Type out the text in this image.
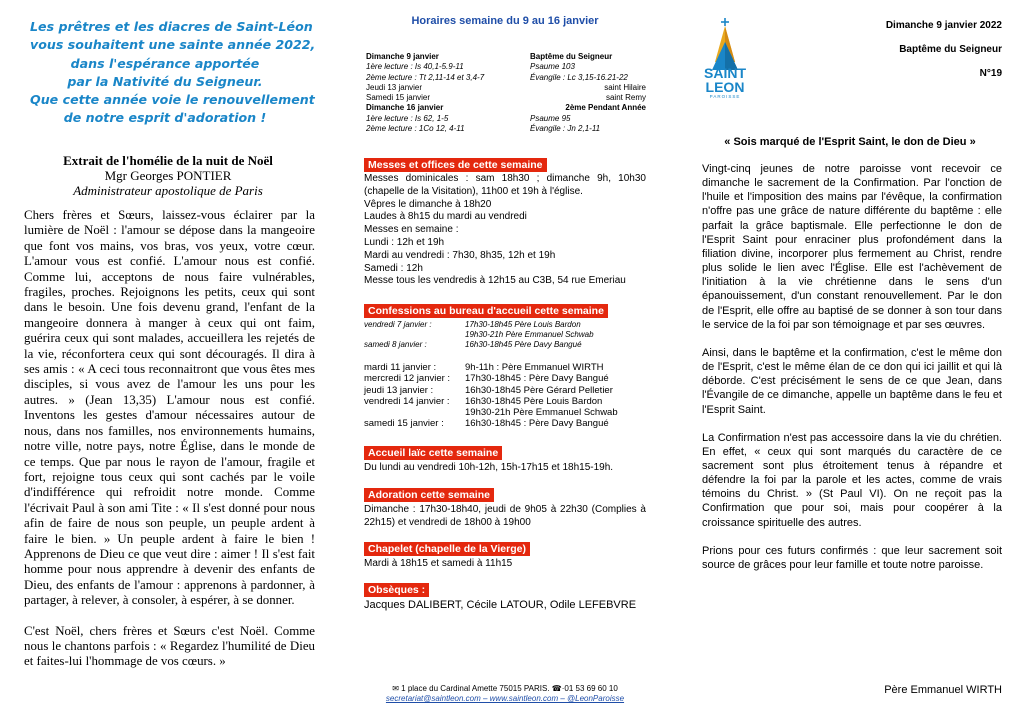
Les prêtres et les diacres de Saint-Léon
vous souhaitent une sainte année 2022,
dans l'espérance apportée
par la Nativité du Seigneur.
Que cette année voie le renouvellement
de notre esprit d'adoration !
Extrait de l'homélie de la nuit de Noël
Mgr Georges PONTIER
Administrateur apostolique de Paris

Chers frères et Sœurs, laissez-vous éclairer par la lumière de Noël : l'amour se dépose dans la mangeoire que font vos mains, vos bras, vos yeux, votre cœur. L'amour vous est confié. L'amour nous est confié. Comme lui, acceptons de nous faire vulnérables, fragiles, proches. Rejoignons les petits, ceux qui sont dans le besoin. Une fois devenu grand, l'enfant de la mangeoire donnera à manger à ceux qui ont faim, guérira ceux qui sont malades, accueillera les rejetés de la vie, réconfortera ceux qui sont découragés. Il dira à ses amis : « A ceci tous reconnaitront que vous êtes mes disciples, si vous avez de l'amour les uns pour les autres. » (Jean 13,35) L'amour nous est confié. Inventons les gestes d'amour nécessaires autour de nous, dans nos familles, nos environnements humains, notre ville, notre pays, notre Église, dans le monde de ce temps. Que par nous le rayon de l'amour, fragile et fort, rejoigne tous ceux qui sont cachés par le voile d'indifférence qui refroidit notre monde. Comme l'écrivait Paul à son ami Tite : « Il s'est donné pour nous afin de faire de nous son peuple, un peuple ardent à faire le bien. » Un peuple ardent à faire le bien ! Apprenons de Dieu ce que veut dire : aimer ! Il s'est fait homme pour nous apprendre à devenir des enfants de Dieu, des enfants de l'amour : apprenons à pardonner, à partager, à relever, à consoler, à espérer, à se donner.

C'est Noël, chers frères et Sœurs c'est Noël. Comme nous le chantons parfois : « Regardez l'humilité de Dieu et faites-lui l'hommage de vos cœurs. »

Horaires semaine du 9 au 16 janvier
Dimanche 9 janvier	Baptême du Seigneur
1ère lecture : Is 40,1-5.9-11	Psaume 103
2ème lecture : Tt 2,11-14 et 3,4-7	Évangile : Lc 3,15-16.21-22
Jeudi 13 janvier	saint Hilaire
Samedi 15 janvier	saint Remy
Dimanche 16 janvier	2ème Pendant Année
1ère lecture : Is 62, 1-5	Psaume 95
2ème lecture : 1Co 12, 4-11	Évangile : Jn 2,1-11
Messes et offices de cette semaine
Messes dominicales : sam 18h30 ; dimanche 9h, 10h30 (chapelle de la Visitation), 11h00 et 19h à l'église.
Vêpres le dimanche à 18h20
Laudes à 8h15 du mardi au vendredi
Messes en semaine :
Lundi : 12h et 19h
Mardi au vendredi : 7h30, 8h35, 12h et 19h
Samedi : 12h
Messe tous les vendredis à 12h15 au C3B, 54 rue Emeriau
Confessions au bureau d'accueil cette semaine
vendredi 7 janvier :	17h30-18h45 Père Louis Bardon
19h30-21h Père Emmanuel Schwab
samedi 8 janvier :	16h30-18h45 Père Davy Bangué
mardi 11 janvier :	9h-11h : Père Emmanuel WIRTH
mercredi 12 janvier :	17h30-18h45 : Père Davy Bangué
jeudi 13 janvier :	16h30-18h45 Père Gérard Pelletier
vendredi 14 janvier :	16h30-18h45 Père Louis Bardon
19h30-21h Père Emmanuel Schwab
samedi 15 janvier :	16h30-18h45 : Père Davy Bangué
Accueil laïc cette semaine
Du lundi au vendredi 10h-12h, 15h-17h15 et 18h15-19h.
Adoration cette semaine
Dimanche : 17h30-18h40, jeudi de 9h05 à 22h30 (Complies à 22h15) et vendredi de 18h00 à 19h00
Chapelet (chapelle de la Vierge)
Mardi à 18h15 et samedi à 11h15
Obsèques :
Jacques DALIBERT, Cécile LATOUR, Odile LEFEBVRE
✉ 1 place du Cardinal Amette 75015 PARIS. ☎·01 53 69 60 10
secretariat@saintleon.com – www.saintleon.com – @LeonParoisse
SAINT
LEON
PAROISSE
Dimanche 9 janvier 2022
Baptême du Seigneur
N°19
« Sois marqué de l'Esprit Saint, le don de Dieu »

Vingt-cinq jeunes de notre paroisse vont recevoir ce dimanche le sacrement de la Confirmation. Par l'onction de l'huile et l'imposition des mains par l'évêque, la confirmation n'offre pas une grâce de nature différente du baptême : elle parfait la grâce baptismale. Elle perfectionne le don de l'Esprit Saint pour enraciner plus profondément dans la filiation divine, incorporer plus fermement au Christ, rendre plus solide le lien avec l'Église. Elle est l'achèvement de l'initiation à la vie chrétienne dans le sens d'un épanouissement, d'un constant renouvellement. Par le don de l'Esprit, elle offre au baptisé de se donner à son tour dans le service de la foi par son témoignage et par ses œuvres.

Ainsi, dans le baptême et la confirmation, c'est le même don de l'Esprit, c'est le même élan de ce don qui ici jaillit et qui là déborde. C'est précisément le sens de ce que Jean, dans l'Évangile de ce dimanche, appelle un baptême dans le feu et l'Esprit Saint.

La Confirmation n'est pas accessoire dans la vie du chrétien. En effet, « ceux qui sont marqués du caractère de ce sacrement sont plus étroitement tenus à répandre et défendre la foi par la parole et les actes, comme de vrais témoins du Christ. » (St Paul VI). On ne reçoit pas la Confirmation que pour soi, mais pour coopérer à la croissance spirituelle des autres.

Prions pour ces futurs confirmés : que leur sacrement soit source de grâces pour leur famille et toute notre paroisse.

Père Emmanuel WIRTH
